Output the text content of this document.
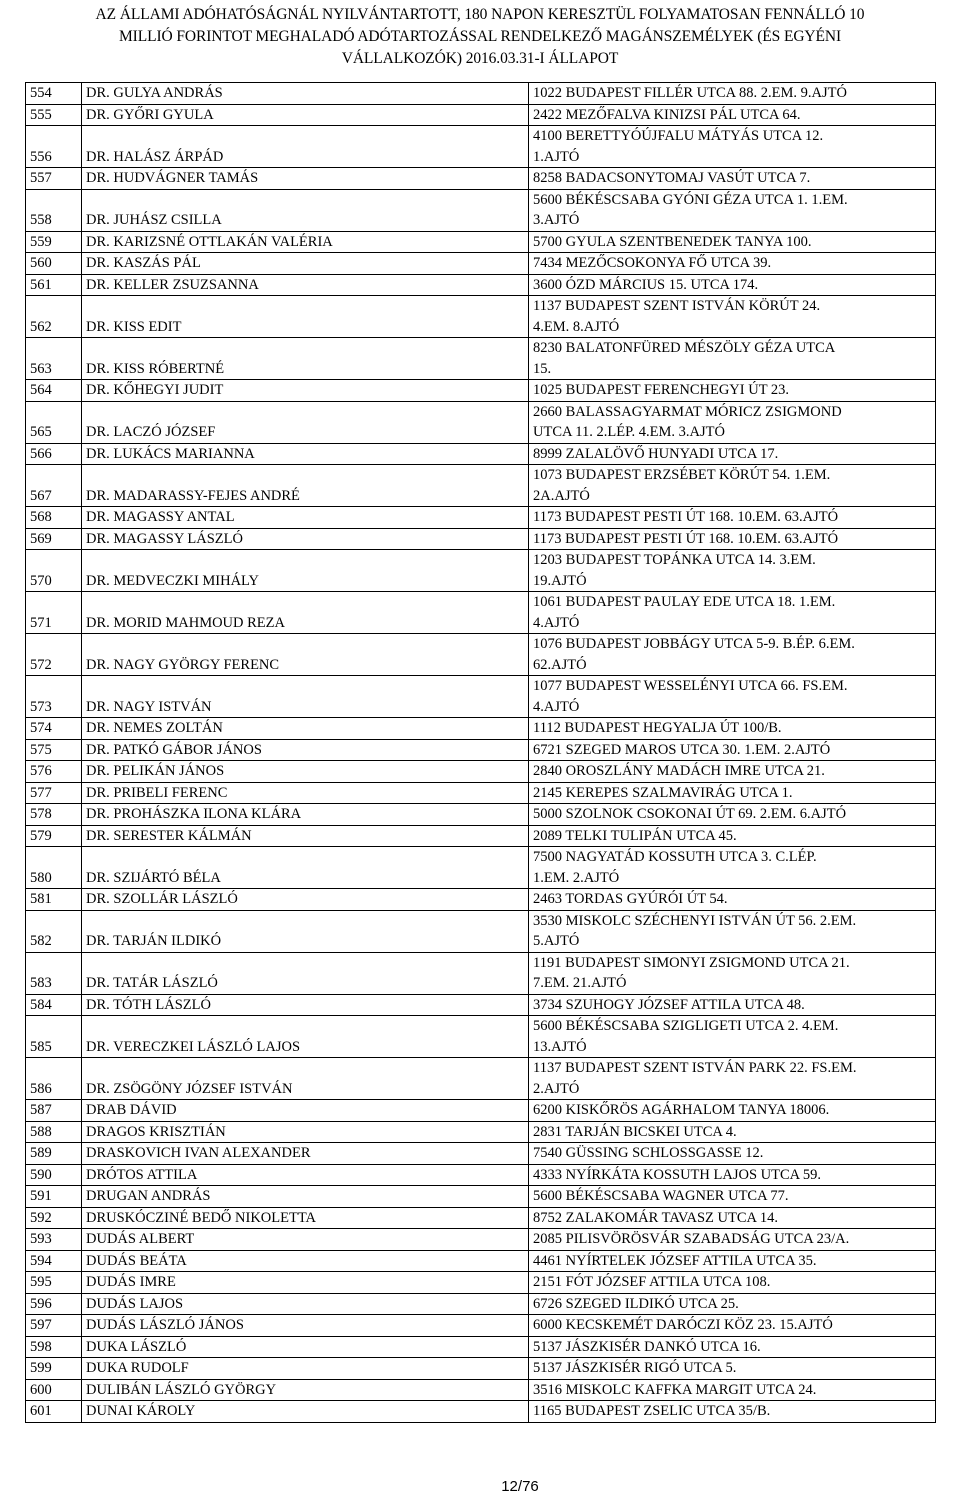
AZ ÁLLAMI ADÓHATÓSÁGNÁL NYILVÁNTARTOTT, 180 NAPON KERESZTÜL FOLYAMATOSAN FENNÁLLÓ 10
MILLIÓ FORINTOT MEGHALADÓ ADÓTARTOZÁSSAL RENDELKEZŐ MAGÁNSZEMÉLYEK (ÉS EGYÉNI
VÁLLALKOZÓK) 2016.03.31-I ÁLLAPOT
554	DR. GULYA ANDRÁS	1022 BUDAPEST FILLÉR UTCA 88. 2.EM. 9.AJTÓ

555	DR. GYŐRI GYULA	2422 MEZŐFALVA KINIZSI PÁL UTCA 64.

556	DR. HALÁSZ ÁRPÁD	4100 BERETTYÓÚJFALU MÁTYÁS UTCA 12.
1.AJTÓ

557	DR. HUDVÁGNER TAMÁS	8258 BADACSONYTOMAJ VASÚT UTCA 7.

558	DR. JUHÁSZ CSILLA	5600 BÉKÉSCSABA GYÓNI GÉZA UTCA 1. 1.EM.
3.AJTÓ

559	DR. KARIZSNÉ OTTLAKÁN VALÉRIA	5700 GYULA SZENTBENEDEK TANYA 100.

560	DR. KASZÁS PÁL	7434 MEZŐCSOKONYA FŐ UTCA 39.

561	DR. KELLER ZSUZSANNA	3600 ÓZD MÁRCIUS 15. UTCA 174.

562	DR. KISS EDIT	1137 BUDAPEST SZENT ISTVÁN KÖRÚT 24.
4.EM. 8.AJTÓ

563	DR. KISS RÓBERTNÉ	8230 BALATONFÜRED MÉSZÖLY GÉZA UTCA
15.

564	DR. KŐHEGYI JUDIT	1025 BUDAPEST FERENCHEGYI ÚT 23.

565	DR. LACZÓ JÓZSEF	2660 BALASSAGYARMAT MÓRICZ ZSIGMOND
UTCA 11. 2.LÉP. 4.EM. 3.AJTÓ

566	DR. LUKÁCS MARIANNA	8999 ZALALÖVŐ HUNYADI UTCA 17.

567	DR. MADARASSY-FEJES ANDRÉ	1073 BUDAPEST ERZSÉBET KÖRÚT 54. 1.EM.
2A.AJTÓ

568	DR. MAGASSY ANTAL	1173 BUDAPEST PESTI ÚT 168. 10.EM. 63.AJTÓ

569	DR. MAGASSY LÁSZLÓ	1173 BUDAPEST PESTI ÚT 168. 10.EM. 63.AJTÓ

570	DR. MEDVECZKI MIHÁLY	1203 BUDAPEST TOPÁNKA UTCA 14. 3.EM.
19.AJTÓ

571	DR. MORID MAHMOUD REZA	1061 BUDAPEST PAULAY EDE UTCA 18. 1.EM.
4.AJTÓ

572	DR. NAGY GYÖRGY FERENC	1076 BUDAPEST JOBBÁGY UTCA 5-9. B.ÉP. 6.EM.
62.AJTÓ

573	DR. NAGY ISTVÁN	1077 BUDAPEST WESSELÉNYI UTCA 66. FS.EM.
4.AJTÓ

574	DR. NEMES ZOLTÁN	1112 BUDAPEST HEGYALJA ÚT 100/B.

575	DR. PATKÓ GÁBOR JÁNOS	6721 SZEGED MAROS UTCA 30. 1.EM. 2.AJTÓ

576	DR. PELIKÁN JÁNOS	2840 OROSZLÁNY MADÁCH IMRE UTCA 21.

577	DR. PRIBELI FERENC	2145 KEREPES SZALMAVIRÁG UTCA 1.

578	DR. PROHÁSZKA ILONA KLÁRA	5000 SZOLNOK CSOKONAI ÚT 69. 2.EM. 6.AJTÓ

579	DR. SERESTER KÁLMÁN	2089 TELKI TULIPÁN UTCA 45.

580	DR. SZIJÁRTÓ BÉLA	7500 NAGYATÁD KOSSUTH UTCA 3. C.LÉP.
1.EM. 2.AJTÓ

581	DR. SZOLLÁR LÁSZLÓ	2463 TORDAS GYÚRÓI ÚT 54.

582	DR. TARJÁN ILDIKÓ	3530 MISKOLC SZÉCHENYI ISTVÁN ÚT 56. 2.EM.
5.AJTÓ

583	DR. TATÁR LÁSZLÓ	1191 BUDAPEST SIMONYI ZSIGMOND UTCA 21.
7.EM. 21.AJTÓ

584	DR. TÓTH LÁSZLÓ	3734 SZUHOGY JÓZSEF ATTILA UTCA 48.

585	DR. VERECZKEI LÁSZLÓ LAJOS	5600 BÉKÉSCSABA SZIGLIGETI UTCA 2. 4.EM.
13.AJTÓ

586	DR. ZSÖGÖNY JÓZSEF ISTVÁN	1137 BUDAPEST SZENT ISTVÁN PARK 22. FS.EM.
2.AJTÓ

587	DRAB DÁVID	6200 KISKŐRÖS AGÁRHALOM TANYA 18006.

588	DRAGOS KRISZTIÁN	2831 TARJÁN BICSKEI UTCA 4.

589	DRASKOVICH IVAN ALEXANDER	7540 GÜSSING SCHLOSSGASSE 12.

590	DRÓTOS ATTILA	4333 NYÍRKÁTA KOSSUTH LAJOS UTCA 59.

591	DRUGAN ANDRÁS	5600 BÉKÉSCSABA WAGNER UTCA 77.

592	DRUSKÓCZINÉ BEDŐ NIKOLETTA	8752 ZALAKOMÁR TAVASZ UTCA 14.

593	DUDÁS ALBERT	2085 PILISVÖRÖSVÁR SZABADSÁG UTCA 23/A.

594	DUDÁS BEÁTA	4461 NYÍRTELEK JÓZSEF ATTILA UTCA 35.

595	DUDÁS IMRE	2151 FÓT JÓZSEF ATTILA UTCA 108.

596	DUDÁS LAJOS	6726 SZEGED ILDIKÓ UTCA 25.

597	DUDÁS LÁSZLÓ JÁNOS	6000 KECSKEMÉT DARÓCZI KÖZ 23. 15.AJTÓ

598	DUKA LÁSZLÓ	5137 JÁSZKISÉR DANKÓ UTCA 16.

599	DUKA RUDOLF	5137 JÁSZKISÉR RIGÓ UTCA 5.

600	DULIBÁN LÁSZLÓ GYÖRGY	3516 MISKOLC KAFFKA MARGIT UTCA 24.

601	DUNAI KÁROLY	1165 BUDAPEST ZSELIC UTCA 35/B.
12/76
